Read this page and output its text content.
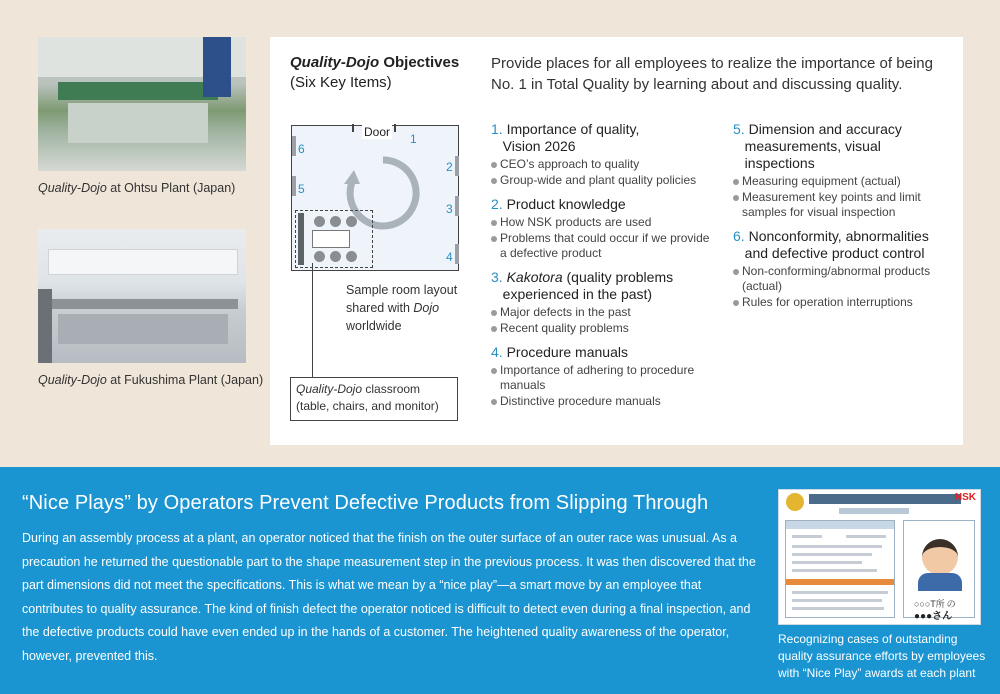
Quality-Dojo at Ohtsu Plant (Japan)
Quality-Dojo at Fukushima Plant (Japan)
Quality-Dojo Objectives
(Six Key Items)
Provide places for all employees to realize the importance of being No. 1 in Total Quality by learning about and discussing quality.
Door 1
2
3
4
5
6
Sample room layout
shared with Dojo
worldwide
Quality-Dojo classroom
(table, chairs, and monitor)
1. Importance of quality,
Vision 2026
CEO’s approach to quality
Group-wide and plant quality policies
2. Product knowledge
How NSK products are used
Problems that could occur if we provide a defective product
3. Kakotora (quality problems
experienced in the past)
Major defects in the past
Recent quality problems
4. Procedure manuals
Importance of adhering to procedure manuals
Distinctive procedure manuals
5. Dimension and accuracy
measurements, visual
inspections
Measuring equipment (actual)
Measurement key points and limit samples for visual inspection
6. Nonconformity, abnormalities
and defective product control
Non-conforming/abnormal products (actual)
Rules for operation interruptions
“Nice Plays” by Operators Prevent Defective Products from Slipping Through
During an assembly process at a plant, an operator noticed that the finish on the outer surface of an outer race was unusual. As a precaution he returned the questionable part to the shape measurement step in the previous process. It was then discovered that the part dimensions did not meet the specifications. This is what we mean by a “nice play”—a smart move by an employee that contributes to quality assurance. The kind of finish defect the operator noticed is difficult to detect even during a final inspection, and the defective products could have even ended up in the hands of a customer. The heightened quality awareness of the operator, however, prevented this.
NSK
○○○T所 の
●●●さん
Recognizing cases of outstanding quality assurance efforts by employees with “Nice Play” awards at each plant
